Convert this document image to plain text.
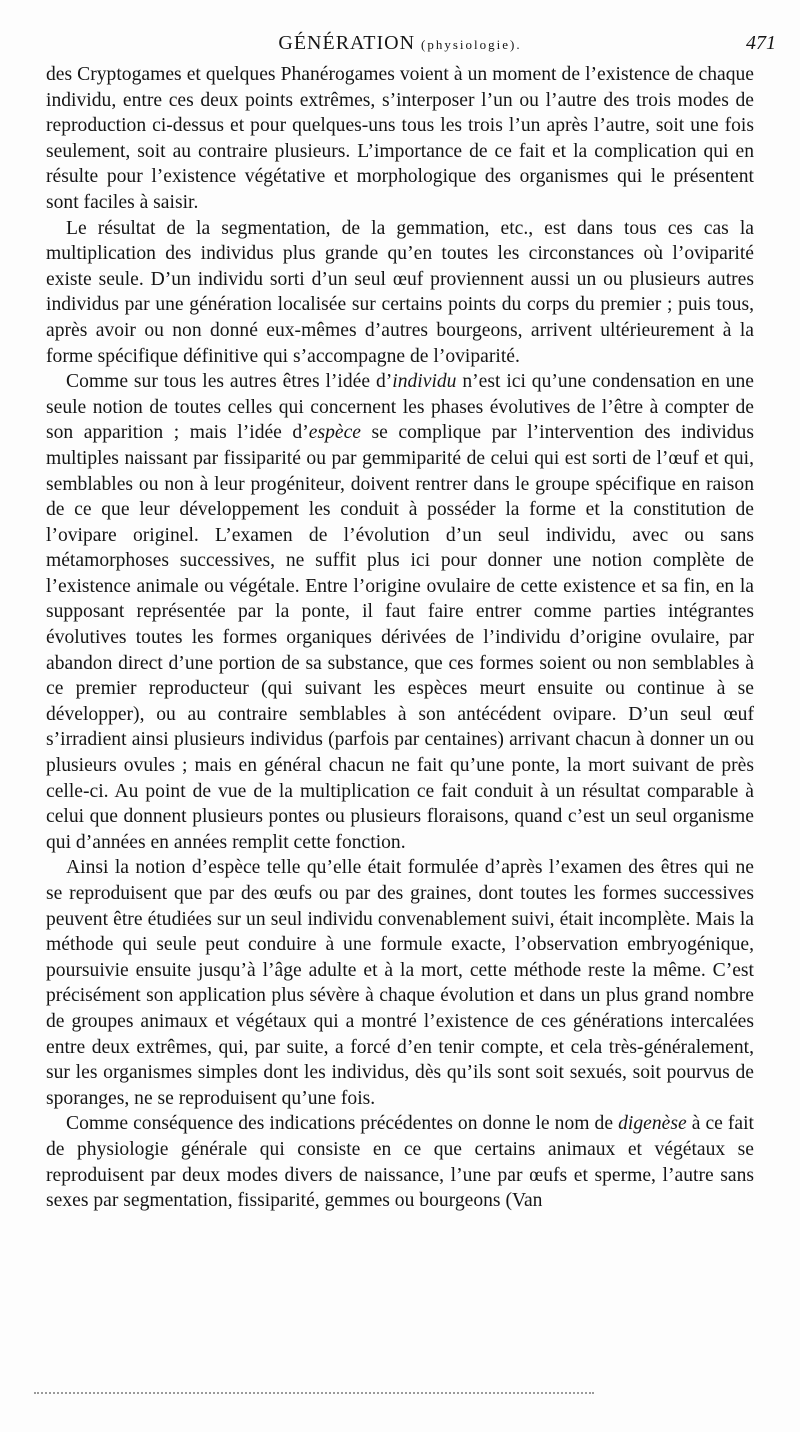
GÉNÉRATION (physiologie).	471

des Cryptogames et quelques Phanérogames voient à un moment de l’existence de chaque individu, entre ces deux points extrêmes, s’interposer l’un ou l’autre des trois modes de reproduction ci-dessus et pour quelques-uns tous les trois l’un après l’autre, soit une fois seulement, soit au contraire plusieurs. L’importance de ce fait et la complication qui en résulte pour l’existence végétative et morphologique des organismes qui le présentent sont faciles à saisir.

Le résultat de la segmentation, de la gemmation, etc., est dans tous ces cas la multiplication des individus plus grande qu’en toutes les circonstances où l’oviparité existe seule. D’un individu sorti d’un seul œuf proviennent aussi un ou plusieurs autres individus par une génération localisée sur certains points du corps du premier ; puis tous, après avoir ou non donné eux-mêmes d’autres bourgeons, arrivent ultérieurement à la forme spécifique définitive qui s’accompagne de l’oviparité.

Comme sur tous les autres êtres l’idée d’individu n’est ici qu’une condensation en une seule notion de toutes celles qui concernent les phases évolutives de l’être à compter de son apparition ; mais l’idée d’espèce se complique par l’intervention des individus multiples naissant par fissiparité ou par gemmiparité de celui qui est sorti de l’œuf et qui, semblables ou non à leur progéniteur, doivent rentrer dans le groupe spécifique en raison de ce que leur développement les conduit à posséder la forme et la constitution de l’ovipare originel. L’examen de l’évolution d’un seul individu, avec ou sans métamorphoses successives, ne suffit plus ici pour donner une notion complète de l’existence animale ou végétale. Entre l’origine ovulaire de cette existence et sa fin, en la supposant représentée par la ponte, il faut faire entrer comme parties intégrantes évolutives toutes les formes organiques dérivées de l’individu d’origine ovulaire, par abandon direct d’une portion de sa substance, que ces formes soient ou non semblables à ce premier reproducteur (qui suivant les espèces meurt ensuite ou continue à se développer), ou au contraire semblables à son antécédent ovipare. D’un seul œuf s’irradient ainsi plusieurs individus (parfois par centaines) arrivant chacun à donner un ou plusieurs ovules ; mais en général chacun ne fait qu’une ponte, la mort suivant de près celle-ci. Au point de vue de la multiplication ce fait conduit à un résultat comparable à celui que donnent plusieurs pontes ou plusieurs floraisons, quand c’est un seul organisme qui d’années en années remplit cette fonction.

Ainsi la notion d’espèce telle qu’elle était formulée d’après l’examen des êtres qui ne se reproduisent que par des œufs ou par des graines, dont toutes les formes successives peuvent être étudiées sur un seul individu convenablement suivi, était incomplète. Mais la méthode qui seule peut conduire à une formule exacte, l’observation embryogénique, poursuivie ensuite jusqu’à l’âge adulte et à la mort, cette méthode reste la même. C’est précisément son application plus sévère à chaque évolution et dans un plus grand nombre de groupes animaux et végétaux qui a montré l’existence de ces générations intercalées entre deux extrêmes, qui, par suite, a forcé d’en tenir compte, et cela très-généralement, sur les organismes simples dont les individus, dès qu’ils sont soit sexués, soit pourvus de sporanges, ne se reproduisent qu’une fois.

Comme conséquence des indications précédentes on donne le nom de digenèse à ce fait de physiologie générale qui consiste en ce que certains animaux et végétaux se reproduisent par deux modes divers de naissance, l’une par œufs et sperme, l’autre sans sexes par segmentation, fissiparité, gemmes ou bourgeons (Van
